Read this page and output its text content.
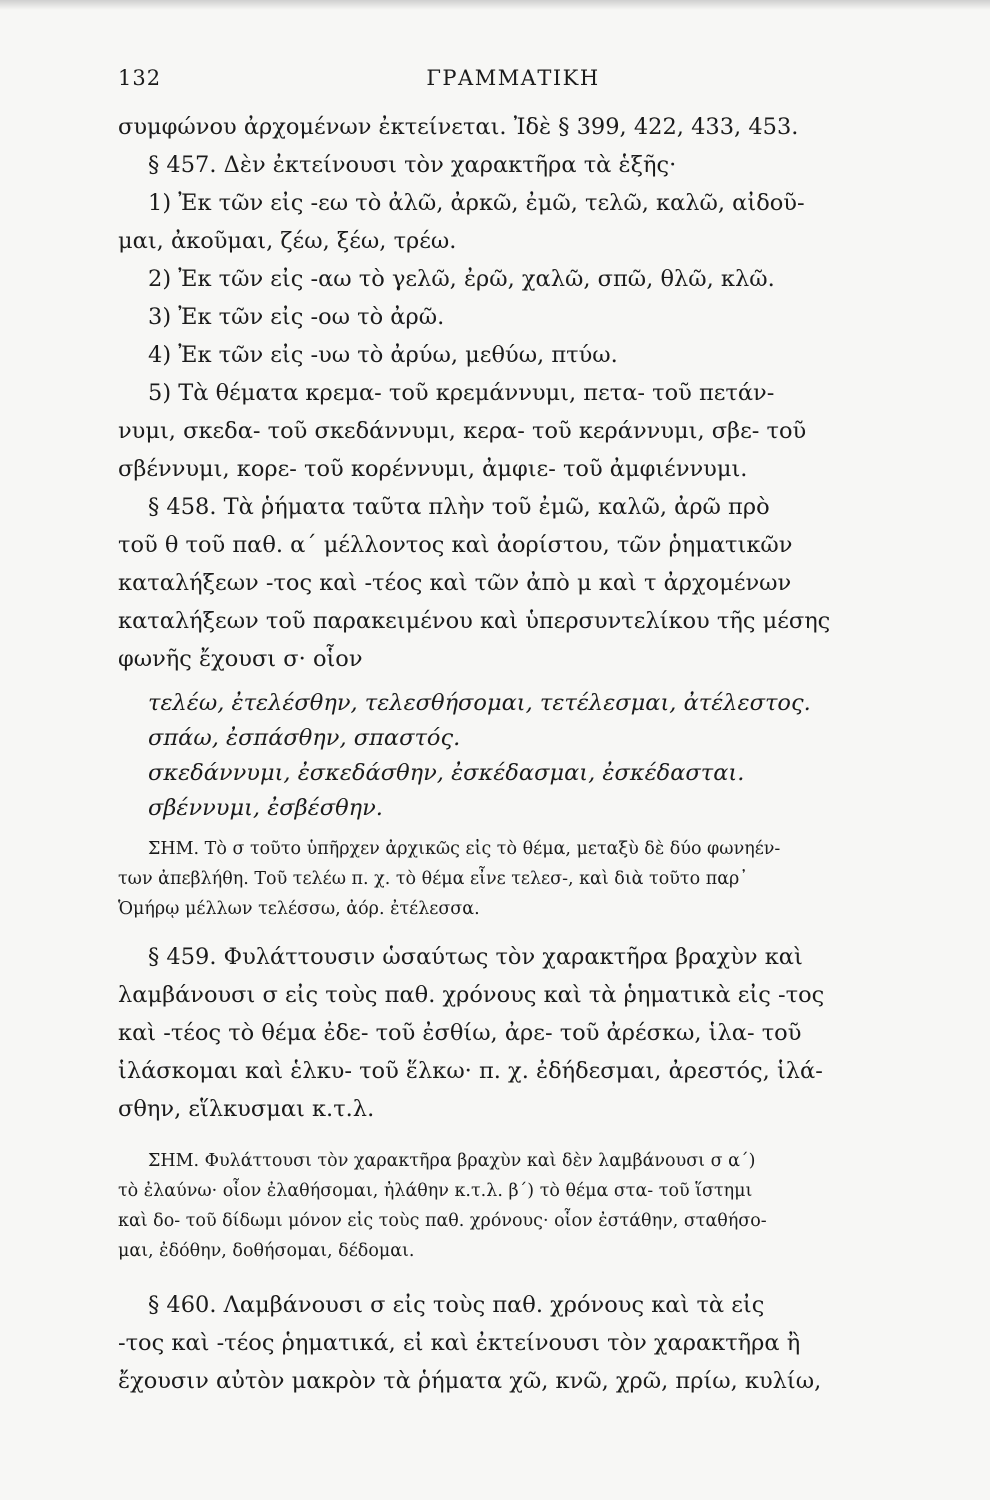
132	ΓΡΑΜΜΑΤΙΚΗ
συμφώνου ἀρχομένων ἐκτείνεται. Ἰδὲ § 399, 422, 433, 453.
§ 457. Δὲν ἐκτείνουσι τὸν χαρακτῆρα τὰ ἑξῆς·
1) Ἐκ τῶν εἰς -εω τὸ ἀλῶ, ἀρκῶ, ἐμῶ, τελῶ, καλῶ, αἰδοῦ-
μαι, ἀκοῦμαι, ζέω, ξέω, τρέω.
2) Ἐκ τῶν εἰς -αω τὸ γελῶ, ἐρῶ, χαλῶ, σπῶ, θλῶ, κλῶ.
3) Ἐκ τῶν εἰς -οω τὸ ἀρῶ.
4) Ἐκ τῶν εἰς -υω τὸ ἀρύω, μεθύω, πτύω.
5) Τὰ θέματα κρεμα- τοῦ κρεμάννυμι, πετα- τοῦ πετάν-
νυμι, σκεδα- τοῦ σκεδάννυμι, κερα- τοῦ κεράννυμι, σβε- τοῦ
σβέννυμι, κορε- τοῦ κορέννυμι, ἀμφιε- τοῦ ἀμφιέννυμι.
§ 458. Τὰ ῥήματα ταῦτα πλὴν τοῦ ἐμῶ, καλῶ, ἀρῶ πρὸ
τοῦ θ τοῦ παθ. α΄ μέλλοντος καὶ ἀορίστου, τῶν ῥηματικῶν
καταλήξεων -τος καὶ -τέος καὶ τῶν ἀπὸ μ καὶ τ ἀρχομένων
καταλήξεων τοῦ παρακειμένου καὶ ὑπερσυντελίκου τῆς μέσης
φωνῆς ἔχουσι σ· οἷον
τελέω, ἐτελέσθην, τελεσθήσομαι, τετέλεσμαι, ἀτέλεστος.
σπάω, ἐσπάσθην, σπαστός.
σκεδάννυμι, ἐσκεδάσθην, ἐσκέδασμαι, ἐσκέδασται.
σβέννυμι, ἐσβέσθην.
ΣΗΜ. Τὸ σ τοῦτο ὑπῆρχεν ἀρχικῶς εἰς τὸ θέμα, μεταξὺ δὲ δύο φωνηέν-
των ἀπεβλήθη. Τοῦ τελέω π. χ. τὸ θέμα εἶνε τελεσ-, καὶ διὰ τοῦτο παρ᾽
Ὁμήρῳ μέλλων τελέσσω, ἀόρ. ἐτέλεσσα.
§ 459. Φυλάττουσιν ὡσαύτως τὸν χαρακτῆρα βραχὺν καὶ
λαμβάνουσι σ εἰς τοὺς παθ. χρόνους καὶ τὰ ῥηματικὰ εἰς -τος
καὶ -τέος τὸ θέμα ἐδε- τοῦ ἐσθίω, ἀρε- τοῦ ἀρέσκω, ἱλα- τοῦ
ἱλάσκομαι καὶ ἑλκυ- τοῦ ἕλκω· π. χ. ἐδήδεσμαι, ἀρεστός, ἱλά-
σθην, εἵλκυσμαι κ.τ.λ.
ΣΗΜ. Φυλάττουσι τὸν χαρακτῆρα βραχὺν καὶ δὲν λαμβάνουσι σ α΄)
τὸ ἐλαύνω· οἷον ἐλαθήσομαι, ἠλάθην κ.τ.λ. β΄) τὸ θέμα στα- τοῦ ἵστημι
καὶ δο- τοῦ δίδωμι μόνον εἰς τοὺς παθ. χρόνους· οἷον ἐστάθην, σταθήσο-
μαι, ἐδόθην, δοθήσομαι, δέδομαι.
§ 460. Λαμβάνουσι σ εἰς τοὺς παθ. χρόνους καὶ τὰ εἰς
-τος καὶ -τέος ῥηματικά, εἰ καὶ ἐκτείνουσι τὸν χαρακτῆρα ἢ
ἔχουσιν αὐτὸν μακρὸν τὰ ῥήματα χῶ, κνῶ, χρῶ, πρίω, κυλίω,
